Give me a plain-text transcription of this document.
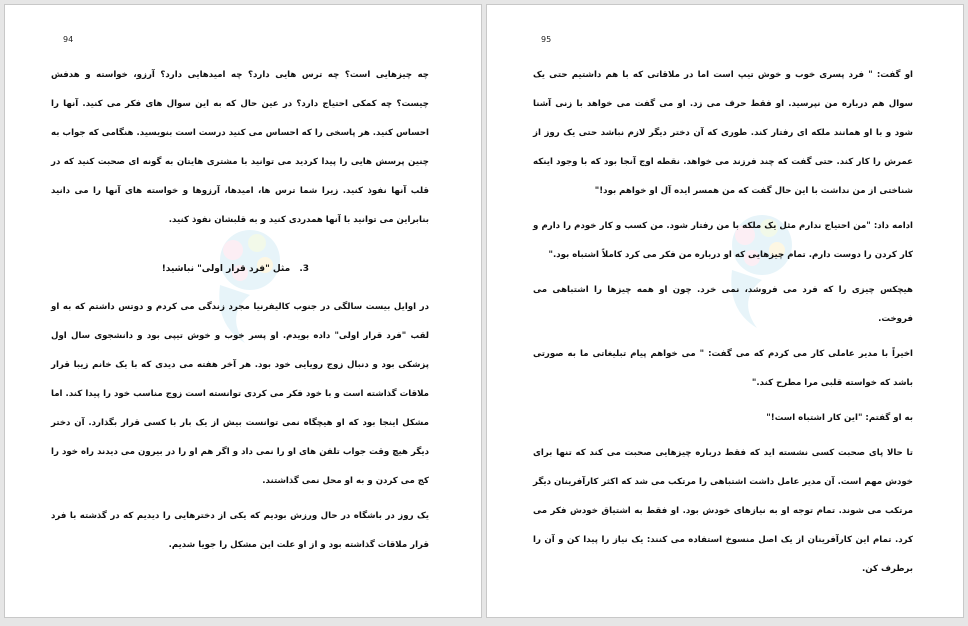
94

چه چیزهایی است؟ چه ترس هایی دارد؟ چه امیدهایی دارد؟ آرزو، خواسته و هدفش چیست؟ چه کمکی احتیاج دارد؟ در عین حال که به این سوال های فکر می کنید. آنها را احساس کنید. هر پاسخی را که احساس می کنید درست است بنویسید. هنگامی که جواب به چنین پرسش هایی را پیدا کردید می توانید با مشتری هایتان به گونه ای صحبت کنید که در قلب آنها نفوذ کنید. زیرا شما ترس ها، امیدها، آرزوها و خواسته های آنها را می دانید بنابراین می توانید با آنها همدردی کنید و به قلبشان نفوذ کنید.

3. مثل "فرد قرار اولی" نباشید!

در اوایل بیست سالگی در جنوب کالیفرنیا مجرد زندگی می کردم و دوتس داشتم که به او لقب "فرد قرار اولی" داده بویدم. او پسر خوب و خوش تیپی بود و دانشجوی سال اول پزشکی بود و دنبال زوج رویایی خود بود. هر آخر هفته می دیدی که با یک خانم زیبا قرار ملاقات گذاشته است و با خود فکر می کردی توانسته است زوج مناسب خود را پیدا کند. اما مشکل اینجا بود که او هیچگاه نمی توانست بیش از یک بار با کسی قرار بگذارد. آن دختر دیگر هیچ وقت جواب تلفن های او را نمی داد و اگر هم او را در بیرون می دیدند راه خود را کج می کردن و به او محل نمی گذاشتند.

یک روز در باشگاه در حال ورزش بودیم که یکی از دخترهایی را دیدیم که در گذشته با فرد قرار ملاقات گذاشته بود و از او علت این مشکل را جویا شدیم.

95

او گفت: " فرد پسری خوب و خوش تیپ است اما در ملاقاتی که با هم داشتیم حتی یک سوال هم درباره من نپرسید. او فقط حرف می زد. او می گفت می خواهد با زنی آشنا شود و با او همانند ملکه ای رفتار کند. طوری که آن دختر دیگر لازم نباشد حتی یک روز از عمرش را کار کند. حتی گفت که چند فرزند می خواهد. نقطه اوج آنجا بود که با وجود اینکه شناختی از من نداشت با این حال گفت که من همسر ایده آل او خواهم بود!"

ادامه داد: "من احتیاج ندارم مثل یک ملکه با من رفتار شود. من کسب و کار خودم را دارم و کار کردن را دوست دارم. تمام چیزهایی که او درباره من فکر می کرد کاملاً اشتباه بود."

هیچکس چیزی را که فرد می فروشد، نمی خرد. چون او همه چیزها را اشتباهی می فروخت.

اخیراً با مدیر عاملی کار می کردم که می گفت: " می خواهم پیام تبلیغاتی ما به صورتی باشد که خواسته قلبی مرا مطرح کند."

به او گفتم: "این کار اشتباه است!"

تا حالا پای صحبت کسی نشسته اید که فقط درباره چیزهایی صحبت می کند که تنها برای خودش مهم است. آن مدیر عامل داشت اشتباهی را مرتکب می شد که اکثر کارآفرینان دیگر مرتکب می شوند. تمام توجه او به نیازهای خودش بود. او فقط به اشتیاق خودش فکر می کرد. تمام این کارآفرینان از یک اصل منسوخ استفاده می کنند: یک نیاز را پیدا کن و آن را برطرف کن.
